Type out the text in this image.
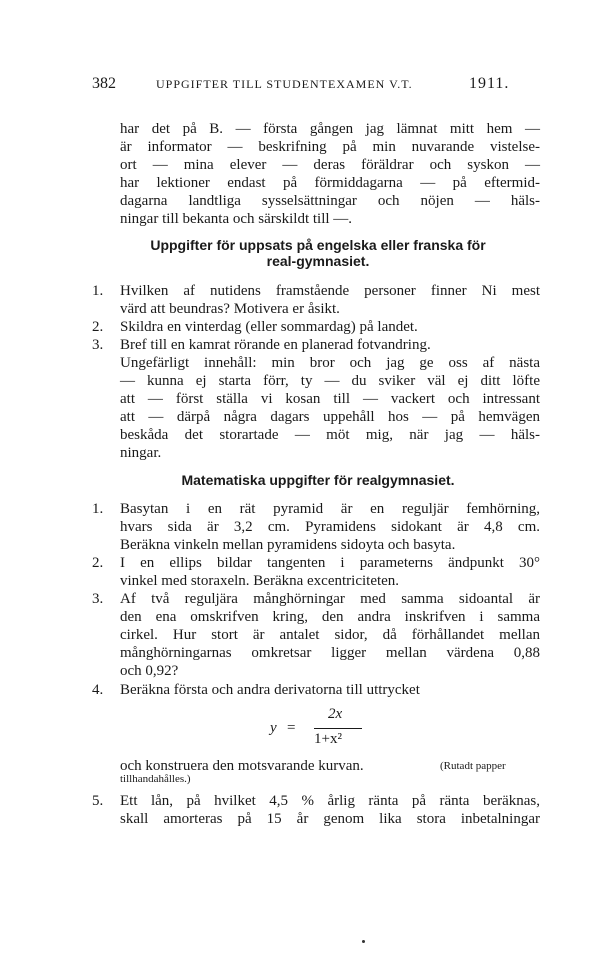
382	UPPGIFTER TILL STUDENTEXAMEN V.T.	1911.
har det på B. — första gången jag lämnat mitt hem —
är informator — beskrifning på min nuvarande vistelse-
ort — mina elever — deras föräldrar och syskon —
har lektioner endast på förmiddagarna — på eftermid-
dagarna landtliga sysselsättningar och nöjen — häls-
ningar till bekanta och särskildt till —.
Uppgifter för uppsats på engelska eller franska för
real-gymnasiet.
1. Hvilken af nutidens framstående personer finner Ni mest
värd att beundras? Motivera er åsikt.
2. Skildra en vinterdag (eller sommardag) på landet.
3. Bref till en kamrat rörande en planerad fotvandring.
Ungefärligt innehåll: min bror och jag ge oss af nästa
— kunna ej starta förr, ty — du sviker väl ej ditt löfte
att — först ställa vi kosan till — vackert och intressant
att — därpå några dagars uppehåll hos — på hemvägen
beskåda det storartade — möt mig, när jag — häls-
ningar.
Matematiska uppgifter för realgymnasiet.
1. Basytan i en rät pyramid är en reguljär femhörning,
hvars sida är 3,2 cm. Pyramidens sidokant är 4,8 cm.
Beräkna vinkeln mellan pyramidens sidoyta och basyta.
2. I en ellips bildar tangenten i parameterns ändpunkt 30°
vinkel med storaxeln. Beräkna excentriciteten.
3. Af två reguljära månghörningar med samma sidoantal är
den ena omskrifven kring, den andra inskrifven i samma
cirkel. Hur stort är antalet sidor, då förhållandet mellan
månghörningarnas omkretsar ligger mellan värdena 0,88
och 0,92?
4. Beräkna första och andra derivatorna till uttrycket
y =
2x
1+x²
och konstruera den motsvarande kurvan.	(Rutadt papper
tillhandahålles.)
5. Ett lån, på hvilket 4,5 % årlig ränta på ränta beräknas,
skall amorteras på 15 år genom lika stora inbetalningar
